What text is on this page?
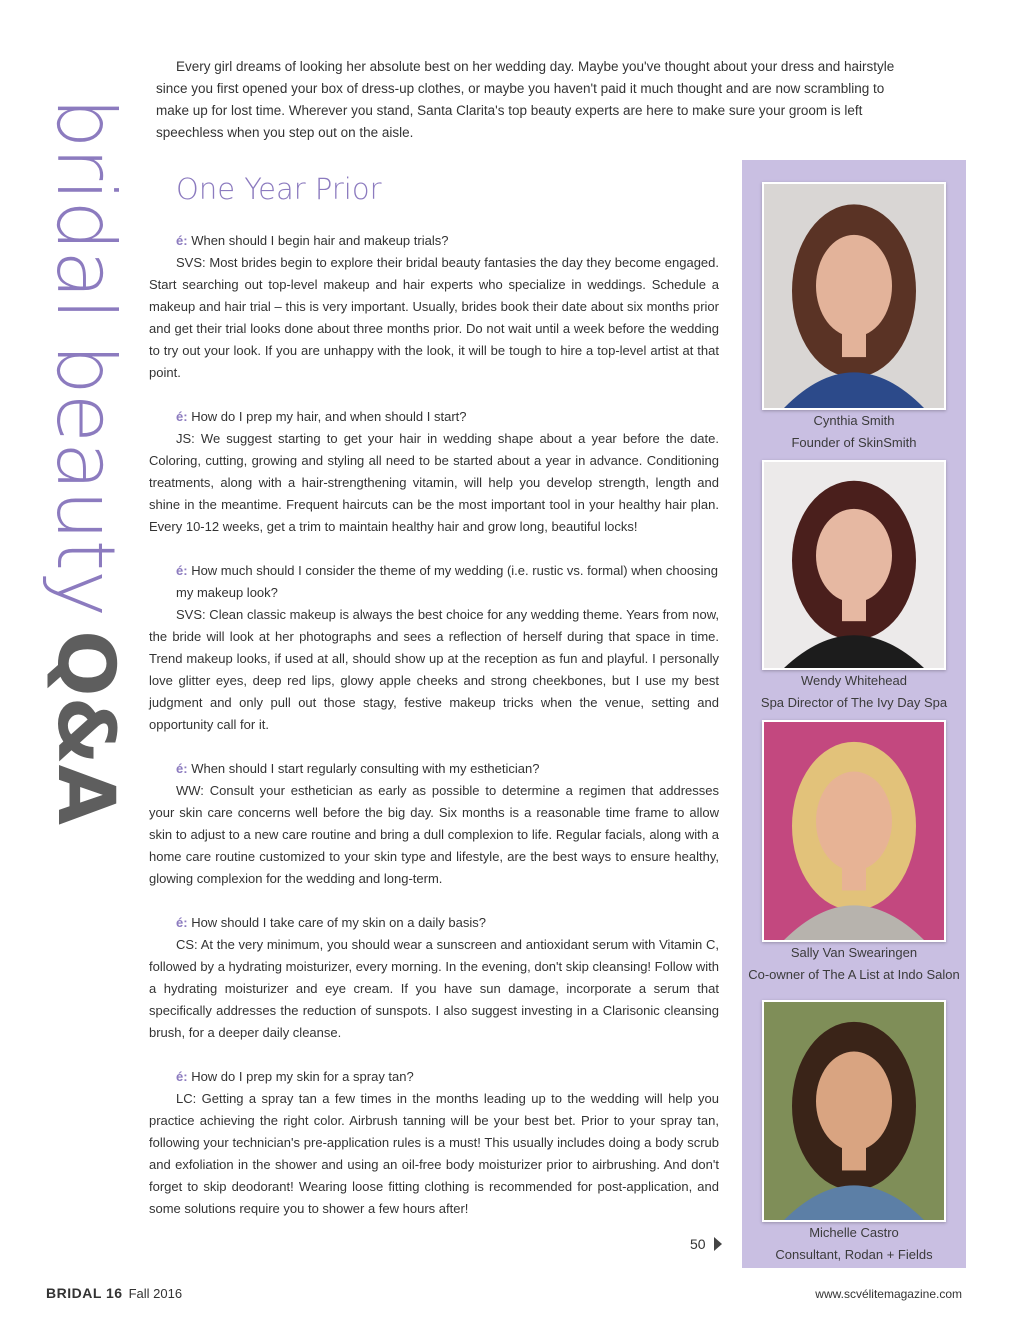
bridal beauty
Q&A

Every girl dreams of looking her absolute best on her wedding day. Maybe you've thought about your dress and hairstyle since you first opened your box of dress-up clothes, or maybe you haven't paid it much thought and are now scrambling to make up for lost time. Wherever you stand, Santa Clarita's top beauty experts are here to make sure your groom is left speechless when you step out on the aisle.

One Year Prior

é: When should I begin hair and makeup trials?

SVS: Most brides begin to explore their bridal beauty fantasies the day they become engaged. Start searching out top-level makeup and hair experts who specialize in weddings. Schedule a makeup and hair trial – this is very important. Usually, brides book their date about six months prior and get their trial looks done about three months prior. Do not wait until a week before the wedding to try out your look. If you are unhappy with the look, it will be tough to hire a top-level artist at that point.

é: How do I prep my hair, and when should I start?

JS: We suggest starting to get your hair in wedding shape about a year before the date. Coloring, cutting, growing and styling all need to be started about a year in advance. Conditioning treatments, along with a hair-strengthening vitamin, will help you develop strength, length and shine in the meantime. Frequent haircuts can be the most important tool in your healthy hair plan. Every 10-12 weeks, get a trim to maintain healthy hair and grow long, beautiful locks!

é: How much should I consider the theme of my wedding (i.e. rustic vs. formal) when choosing my makeup look?

SVS: Clean classic makeup is always the best choice for any wedding theme. Years from now, the bride will look at her photographs and sees a reflection of herself during that space in time. Trend makeup looks, if used at all, should show up at the reception as fun and playful. I personally love glitter eyes, deep red lips, glowy apple cheeks and strong cheekbones, but I use my best judgment and only pull out those stagy, festive makeup tricks when the venue, setting and opportunity call for it.

é: When should I start regularly consulting with my esthetician?

WW: Consult your esthetician as early as possible to determine a regimen that addresses your skin care concerns well before the big day. Six months is a reasonable time frame to allow skin to adjust to a new care routine and bring a dull complexion to life. Regular facials, along with a home care routine customized to your skin type and lifestyle, are the best ways to ensure healthy, glowing complexion for the wedding and long-term.

é: How should I take care of my skin on a daily basis?

CS: At the very minimum, you should wear a sunscreen and antioxidant serum with Vitamin C, followed by a hydrating moisturizer, every morning. In the evening, don't skip cleansing! Follow with a hydrating moisturizer and eye cream. If you have sun damage, incorporate a serum that specifically addresses the reduction of sunspots. I also suggest investing in a Clarisonic cleansing brush, for a deeper daily cleanse.

é: How do I prep my skin for a spray tan?

LC: Getting a spray tan a few times in the months leading up to the wedding will help you practice achieving the right color. Airbrush tanning will be your best bet. Prior to your spray tan, following your technician's pre-application rules is a must! This usually includes doing a body scrub and exfoliation in the shower and using an oil-free body moisturizer prior to airbrushing. And don't forget to skip deodorant! Wearing loose fitting clothing is recommended for post-application, and some solutions require you to shower a few hours after!

Cynthia Smith
Founder of SkinSmith
Wendy Whitehead
Spa Director of The Ivy Day Spa
Sally Van Swearingen
Co-owner of The A List at Indo Salon
Michelle Castro
Consultant, Rodan + Fields
50
BRIDAL 16 Fall 2016	www.scvélitemagazine.com
